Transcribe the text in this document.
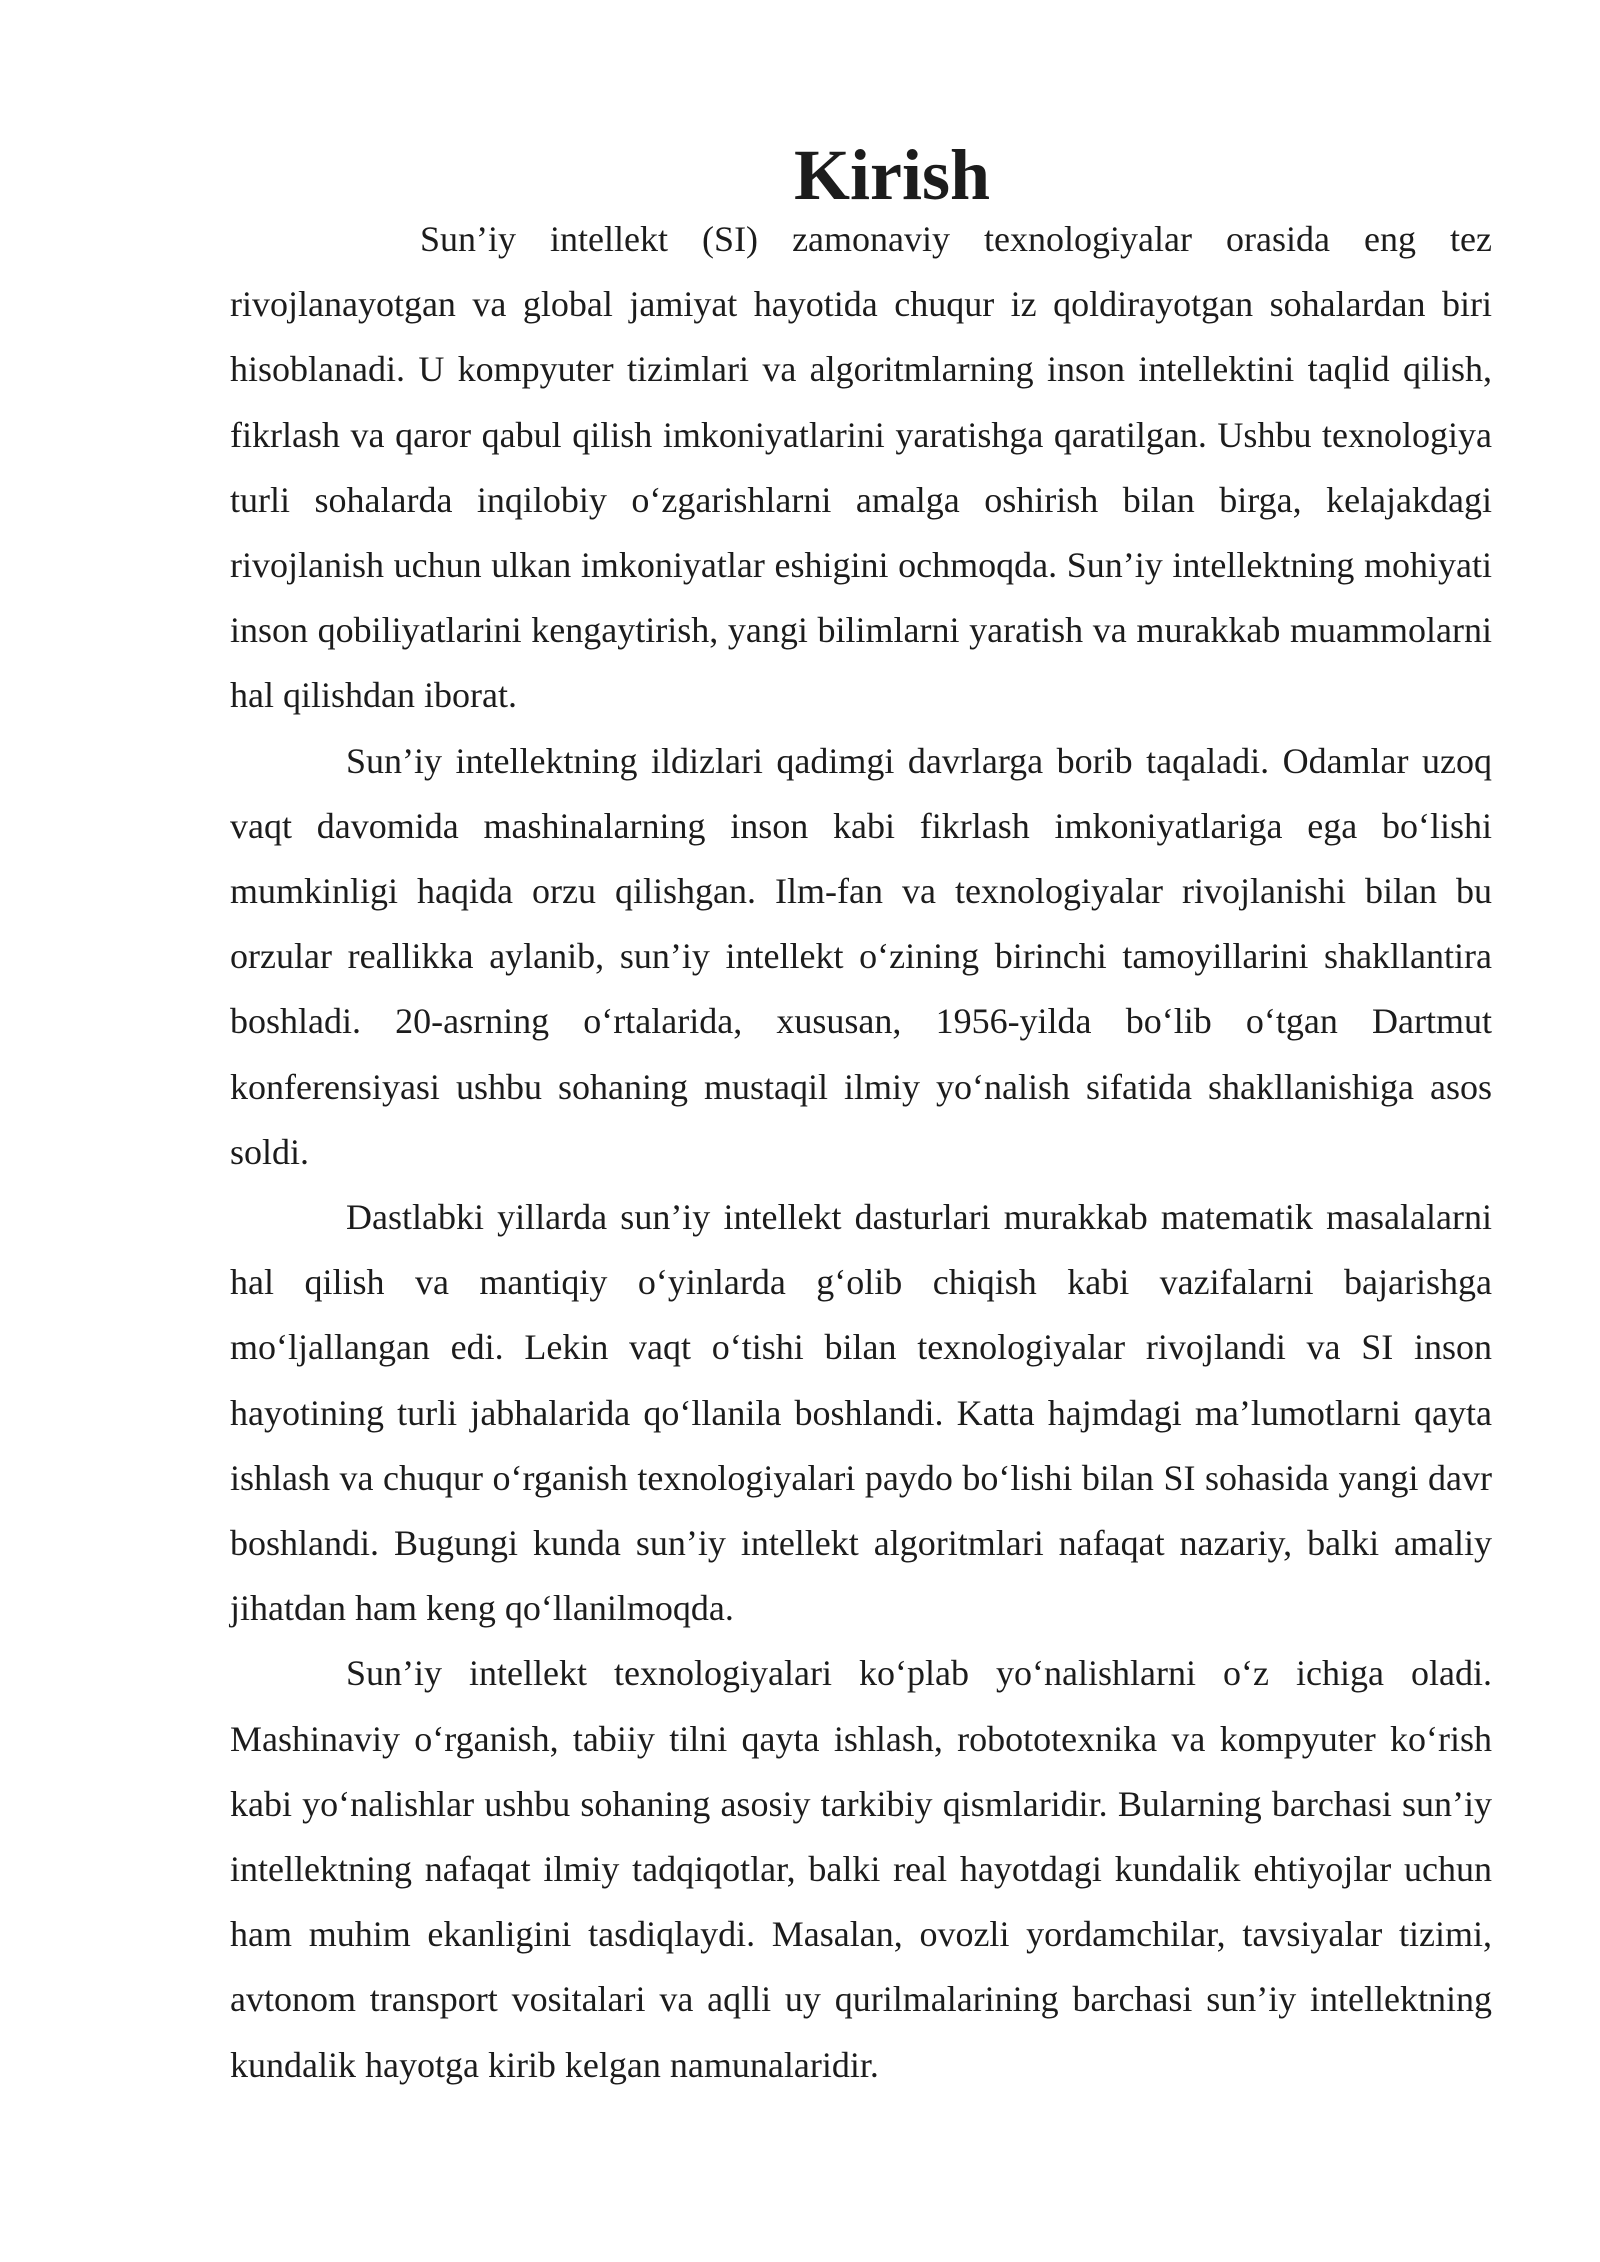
Kirish

Sun’iy intellekt (SI) zamonaviy texnologiyalar orasida eng tez rivojlanayotgan va global jamiyat hayotida chuqur iz qoldirayotgan sohalardan biri hisoblanadi. U kompyuter tizimlari va algoritmlarning inson intellektini taqlid qilish, fikrlash va qaror qabul qilish imkoniyatlarini yaratishga qaratilgan. Ushbu texnologiya turli sohalarda inqilobiy o‘zgarishlarni amalga oshirish bilan birga, kelajakdagi rivojlanish uchun ulkan imkoniyatlar eshigini ochmoqda. Sun’iy intellektning mohiyati inson qobiliyatlarini kengaytirish, yangi bilimlarni yaratish va murakkab muammolarni hal qilishdan iborat.

Sun’iy intellektning ildizlari qadimgi davrlarga borib taqaladi. Odamlar uzoq vaqt davomida mashinalarning inson kabi fikrlash imkoniyatlariga ega bo‘lishi mumkinligi haqida orzu qilishgan. Ilm-fan va texnologiyalar rivojlanishi bilan bu orzular reallikka aylanib, sun’iy intellekt o‘zining birinchi tamoyillarini shakllantira boshladi. 20-asrning o‘rtalarida, xususan, 1956-yilda bo‘lib o‘tgan Dartmut konferensiyasi ushbu sohaning mustaqil ilmiy yo‘nalish sifatida shakllanishiga asos soldi.

Dastlabki yillarda sun’iy intellekt dasturlari murakkab matematik masalalarni hal qilish va mantiqiy o‘yinlarda g‘olib chiqish kabi vazifalarni bajarishga mo‘ljallangan edi. Lekin vaqt o‘tishi bilan texnologiyalar rivojlandi va SI inson hayotining turli jabhalarida qo‘llanila boshlandi. Katta hajmdagi ma’lumotlarni qayta ishlash va chuqur o‘rganish texnologiyalari paydo bo‘lishi bilan SI sohasida yangi davr boshlandi. Bugungi kunda sun’iy intellekt algoritmlari nafaqat nazariy, balki amaliy jihatdan ham keng qo‘llanilmoqda.

Sun’iy intellekt texnologiyalari ko‘plab yo‘nalishlarni o‘z ichiga oladi. Mashinaviy o‘rganish, tabiiy tilni qayta ishlash, robototexnika va kompyuter ko‘rish kabi yo‘nalishlar ushbu sohaning asosiy tarkibiy qismlaridir. Bularning barchasi sun’iy intellektning nafaqat ilmiy tadqiqotlar, balki real hayotdagi kundalik ehtiyojlar uchun ham muhim ekanligini tasdiqlaydi. Masalan, ovozli yordamchilar, tavsiyalar tizimi, avtonom transport vositalari va aqlli uy qurilmalarining barchasi sun’iy intellektning kundalik hayotga kirib kelgan namunalaridir.
